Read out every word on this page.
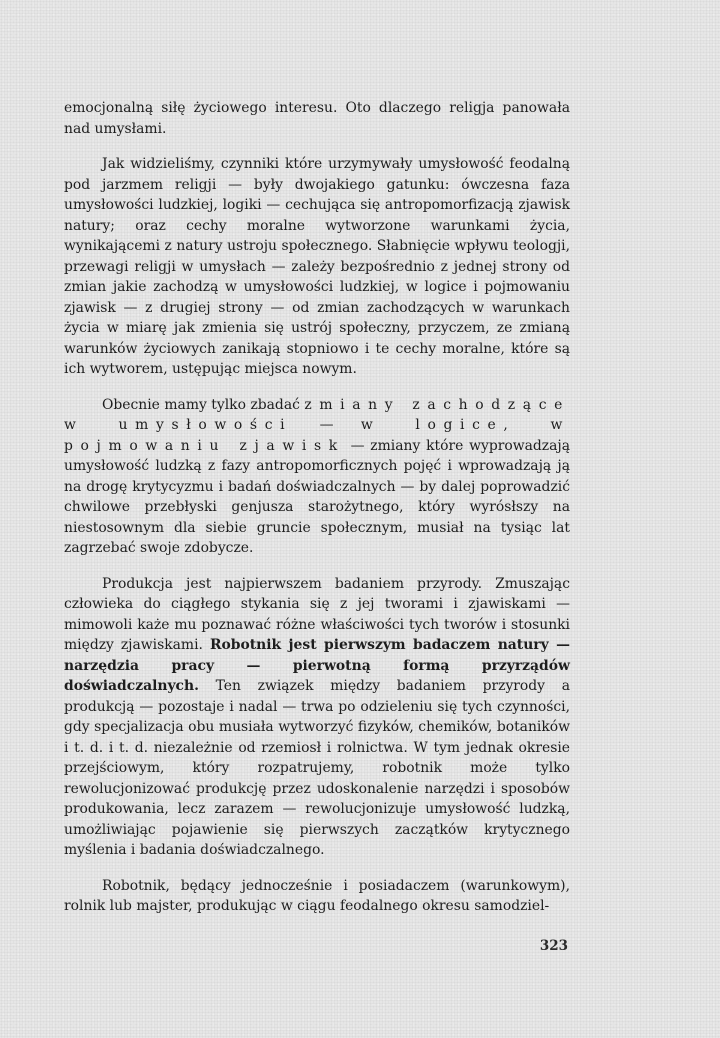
emocjonalną siłę życiowego interesu. Oto dlaczego religja panowała nad umysłami.

Jak widzieliśmy, czynniki które urzymywały umysłowość feodalną pod jarzmem religji — były dwojakiego gatunku: ówczesna faza umysłowości ludzkiej, logiki — cechująca się antropomorfizacją zjawisk natury; oraz cechy moralne wytworzone warunkami życia, wynikającemi z natury ustroju społecznego. Słabnięcie wpływu teologji, przewagi religji w umysłach — zależy bezpośrednio z jednej strony od zmian jakie zachodzą w umysłowości ludzkiej, w logice i pojmowaniu zjawisk — z drugiej strony — od zmian zachodzących w warunkach życia w miarę jak zmienia się ustrój społeczny, przyczem, ze zmianą warunków życiowych zanikają stopniowo i te cechy moralne, które są ich wytworem, ustępując miejsca nowym.

Obecnie mamy tylko zbadać zmiany zachodzące w umysłowości — w logice, w pojmowaniu zjawisk — zmiany które wyprowadzają umysłowość ludzką z fazy antropomorficznych pojęć i wprowadzają ją na drogę krytycyzmu i badań doświadczalnych — by dalej poprowadzić chwilowe przebłyski genjusza starożytnego, który wyrósłszy na niestosownym dla siebie gruncie społecznym, musiał na tysiąc lat zagrzebać swoje zdobycze.

Produkcja jest najpierwszem badaniem przyrody. Zmuszając człowieka do ciągłego stykania się z jej tworami i zjawiskami — mimowoli każe mu poznawać różne właściwości tych tworów i stosunki między zjawiskami. Robotnik jest pierwszym badaczem natury — narzędzia pracy — pierwotną formą przyrządów doświadczalnych. Ten związek między badaniem przyrody a produkcją — pozostaje i nadal — trwa po odzieleniu się tych czynności, gdy specjalizacja obu musiała wytworzyć fizyków, chemików, botaników i t. d. i t. d. niezależnie od rzemiosł i rolnictwa. W tym jednak okresie przejściowym, który rozpatrujemy, robotnik może tylko rewolucjonizować produkcję przez udoskonalenie narzędzi i sposobów produkowania, lecz zarazem — rewolucjonizuje umysłowość ludzką, umożliwiając pojawienie się pierwszych zaczątków krytycznego myślenia i badania doświadczalnego.

Robotnik, będący jednocześnie i posiadaczem (warunkowym), rolnik lub majster, produkując w ciągu feodalnego okresu samodziel-

323
